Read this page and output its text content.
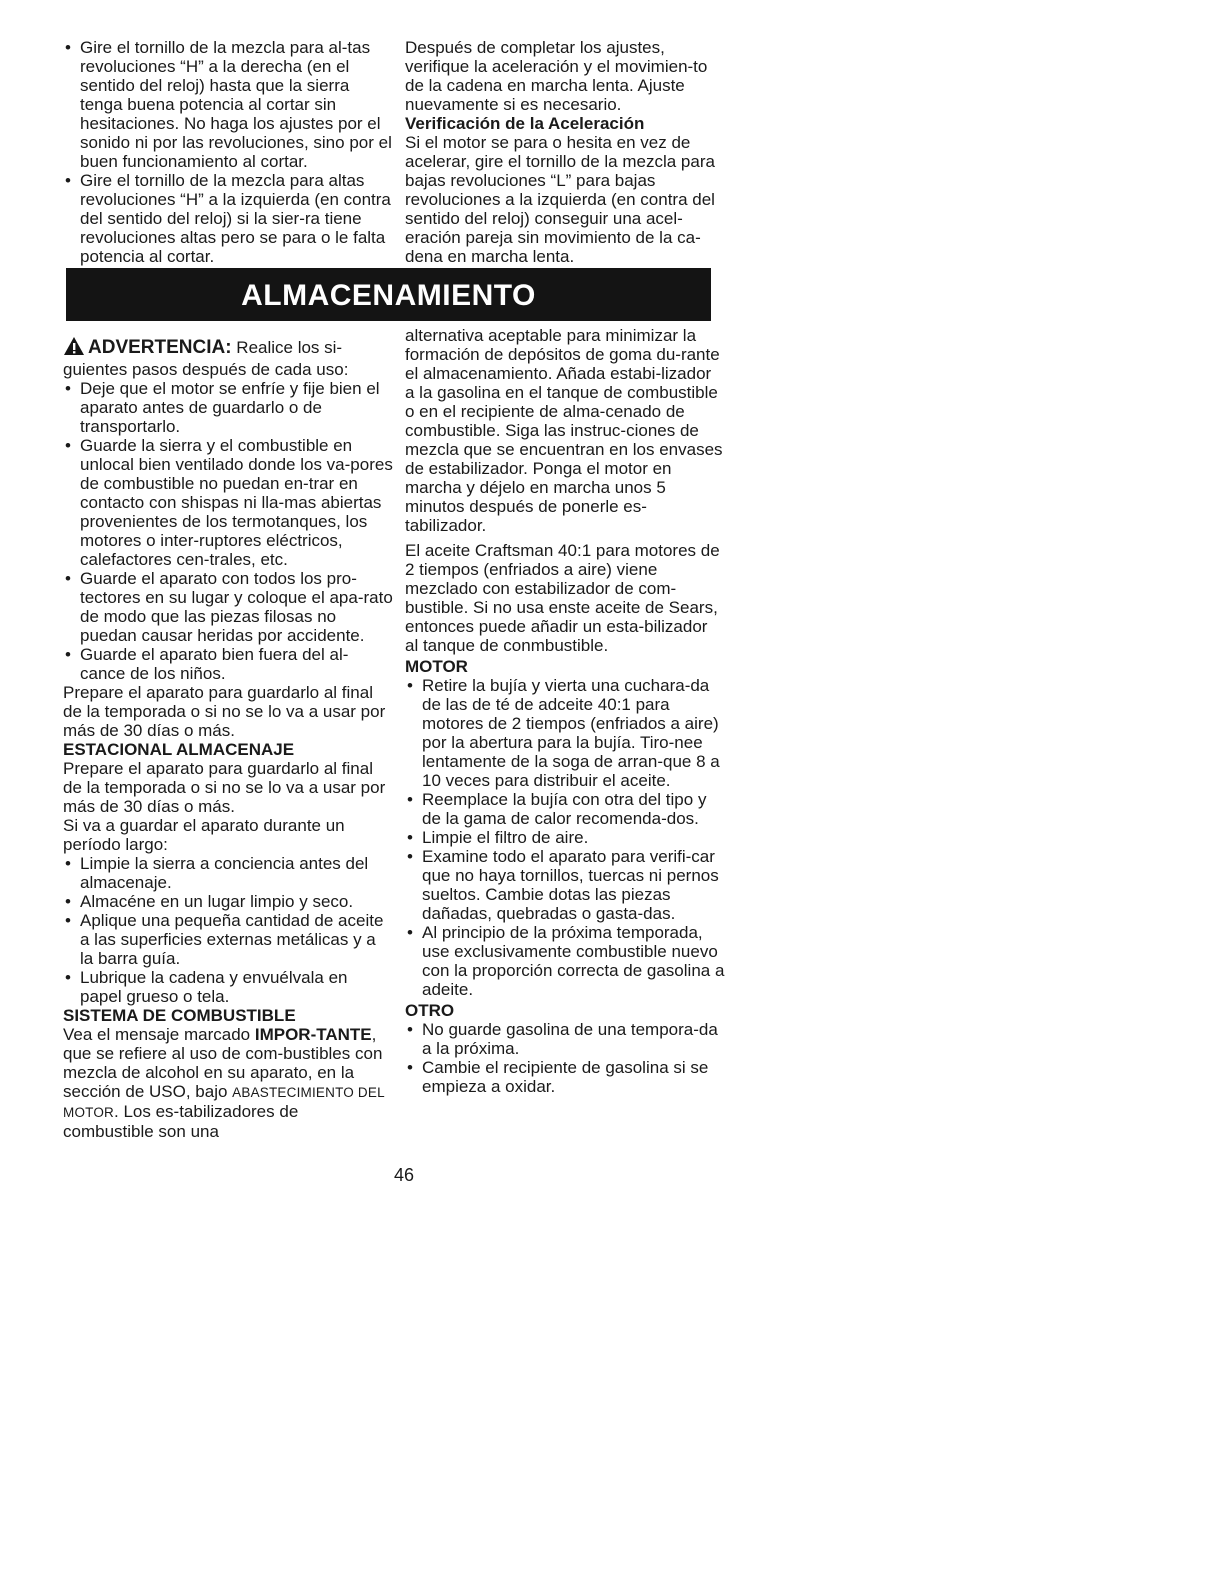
• Gire el tornillo de la mezcla para al-tas revoluciones “H” a la derecha (en el sentido del reloj) hasta que la sierra tenga buena potencia al cortar sin hesitaciones. No haga los ajustes por el sonido ni por las revoluciones, sino por el buen funcionamiento al cortar.
• Gire el tornillo de la mezcla para altas revoluciones “H” a la izquierda (en contra del sentido del reloj) si la sier-ra tiene revoluciones altas pero se para o le falta potencia al cortar.

Después de completar los ajustes, verifique la aceleración y el movimien-to de la cadena en marcha lenta. Ajuste nuevamente si es necesario.

Verificación de la Aceleración

Si el motor se para o hesita en vez de acelerar, gire el tornillo de la mezcla para bajas revoluciones “L” para bajas revoluciones a la izquierda (en contra del sentido del reloj) conseguir una acel-eración pareja sin movimiento de la ca-dena en marcha lenta.

ALMACENAMIENTO

ADVERTENCIA: Realice los si-guientes pasos después de cada uso:

• Deje que el motor se enfríe y fije bien el aparato antes de guardarlo o de transportarlo.
• Guarde la sierra y el combustible en unlocal bien ventilado donde los va-pores de combustible no puedan en-trar en contacto con shispas ni lla-mas abiertas provenientes de los termotanques, los motores o inter-ruptores eléctricos, calefactores cen-trales, etc.
• Guarde el aparato con todos los pro-tectores en su lugar y coloque el apa-rato de modo que las piezas filosas no puedan causar heridas por accidente.
• Guarde el aparato bien fuera del al-cance de los niños.

Prepare el aparato para guardarlo al final de la temporada o si no se lo va a usar por más de 30 días o más.

ESTACIONAL ALMACENAJE

Prepare el aparato para guardarlo al final de la temporada o si no se lo va a usar por más de 30 días o más.

Si va a guardar el aparato durante un período largo:

• Limpie la sierra a conciencia antes del almacenaje.
• Almacéne en un lugar limpio y seco.
• Aplique una pequeña cantidad de aceite a las superficies externas metálicas y a la barra guía.
• Lubrique la cadena y envuélvala en papel grueso o tela.
SISTEMA DE COMBUSTIBLE

Vea el mensaje marcado IMPOR-TANTE, que se refiere al uso de com-bustibles con mezcla de alcohol en su aparato, en la sección de USO, bajo ABASTECIMIENTO DEL MOTOR. Los es-tabilizadores de combustible son una

alternativa aceptable para minimizar la formación de depósitos de goma du-rante el almacenamiento. Añada estabi-lizador a la gasolina en el tanque de combustible o en el recipiente de alma-cenado de combustible. Siga las instruc-ciones de mezcla que se encuentran en los envases de estabilizador. Ponga el motor en marcha y déjelo en marcha unos 5 minutos después de ponerle es-tabilizador.

El aceite Craftsman 40:1 para motores de 2 tiempos (enfriados a aire) viene mezclado con estabilizador de com-bustible. Si no usa enste aceite de Sears, entonces puede añadir un esta-bilizador al tanque de conmbustible.

MOTOR
• Retire la bujía y vierta una cuchara-da de las de té de adceite 40:1 para motores de 2 tiempos (enfriados a aire) por la abertura para la bujía. Tiro-nee lentamente de la soga de arran-que 8 a 10 veces para distribuir el aceite.
• Reemplace la bujía con otra del tipo y de la gama de calor recomenda-dos.
• Limpie el filtro de aire.
• Examine todo el aparato para verifi-car que no haya tornillos, tuercas ni pernos sueltos. Cambie dotas las piezas dañadas, quebradas o gasta-das.
• Al principio de la próxima temporada, use exclusivamente combustible nuevo con la proporción correcta de gasolina a adeite.
OTRO
• No guarde gasolina de una tempora-da a la próxima.
• Cambie el recipiente de gasolina si se empieza a oxidar.
46
